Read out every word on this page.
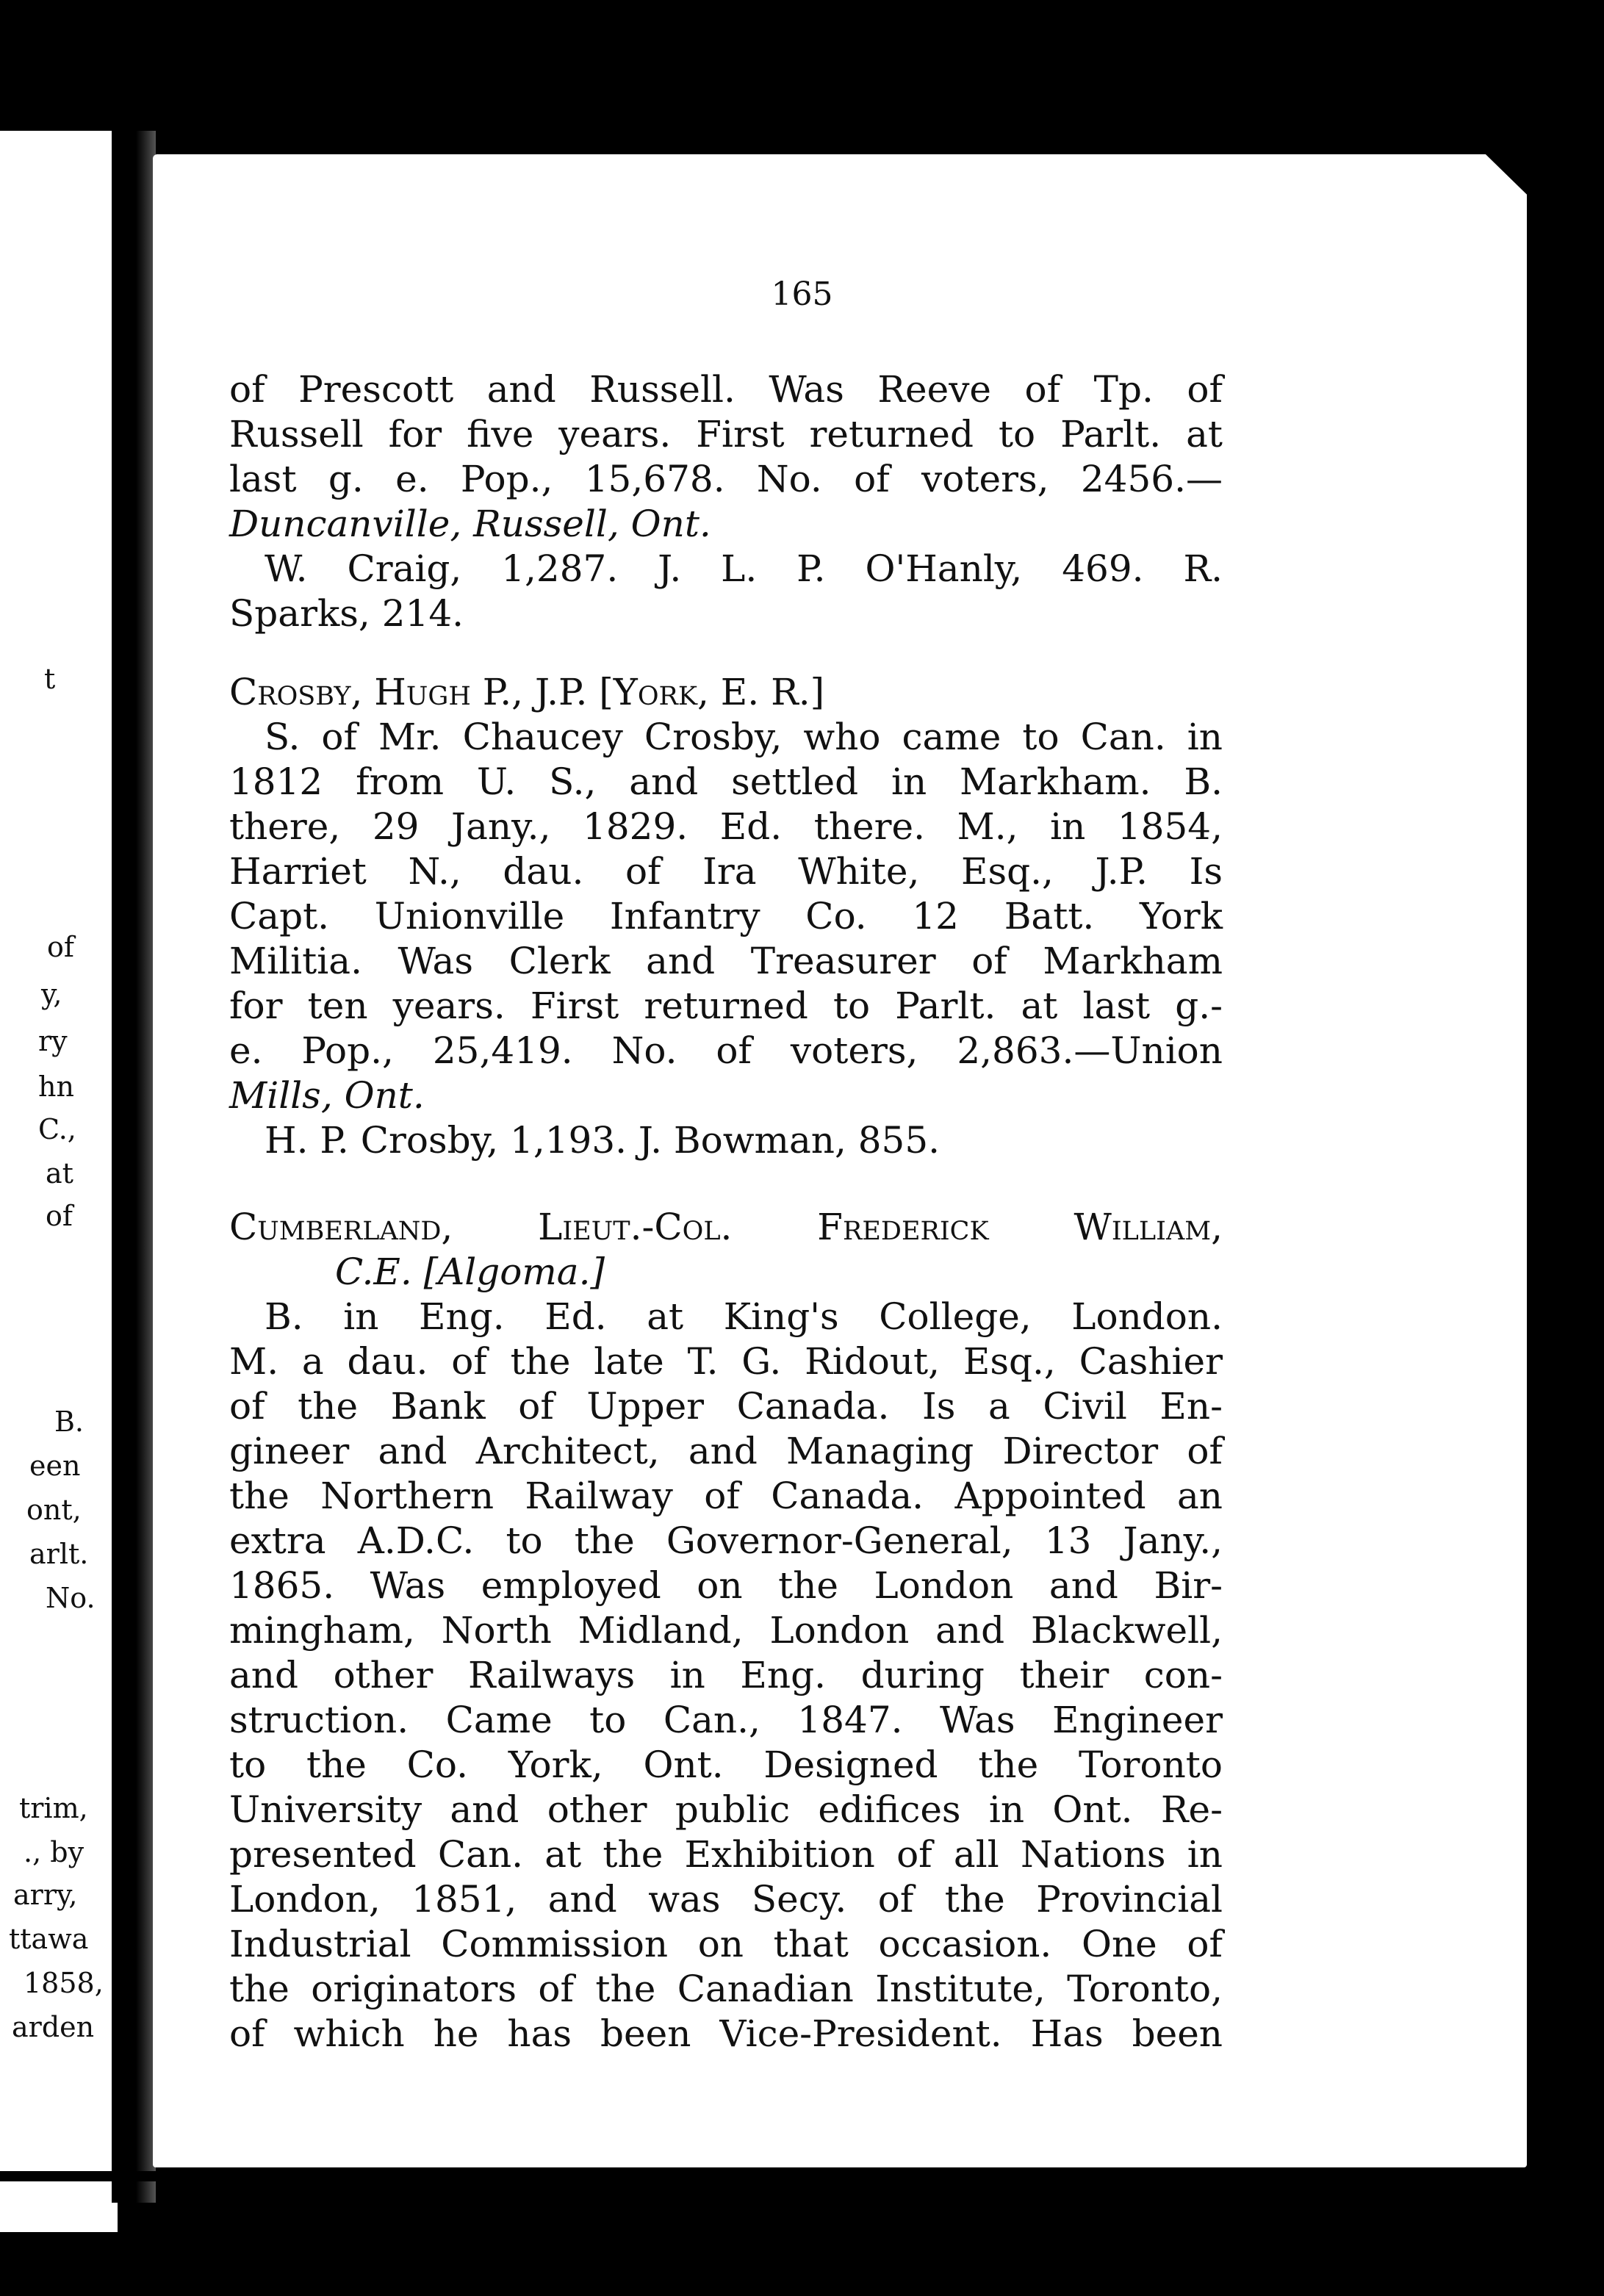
t
of
y,
ry
hn
C.,
at
of
B.
een
ont,
arlt.
No.
trim,
., by
arry,
ttawa
1858,
arden
165
of Prescott and Russell. Was Reeve of Tp. of
Russell for five years. First returned to Parlt. at
last g. e. Pop., 15,678. No. of voters, 2456.—
Duncanville, Russell, Ont.
W. Craig, 1,287. J. L. P. O'Hanly, 469. R.
Sparks, 214.
Crosby, Hugh P., J.P. [York, E. R.]
S. of Mr. Chaucey Crosby, who came to Can. in
1812 from U. S., and settled in Markham. B.
there, 29 Jany., 1829. Ed. there. M., in 1854,
Harriet N., dau. of Ira White, Esq., J.P. Is
Capt. Unionville Infantry Co. 12 Batt. York
Militia. Was Clerk and Treasurer of Markham
for ten years. First returned to Parlt. at last g.-
e. Pop., 25,419. No. of voters, 2,863.—Union
Mills, Ont.
H. P. Crosby, 1,193. J. Bowman, 855.
Cumberland, Lieut.-Col. Frederick William,
C.E. [Algoma.]
B. in Eng. Ed. at King's College, London.
M. a dau. of the late T. G. Ridout, Esq., Cashier
of the Bank of Upper Canada. Is a Civil En-
gineer and Architect, and Managing Director of
the Northern Railway of Canada. Appointed an
extra A.D.C. to the Governor-General, 13 Jany.,
1865. Was employed on the London and Bir-
mingham, North Midland, London and Blackwell,
and other Railways in Eng. during their con-
struction. Came to Can., 1847. Was Engineer
to the Co. York, Ont. Designed the Toronto
University and other public edifices in Ont. Re-
presented Can. at the Exhibition of all Nations in
London, 1851, and was Secy. of the Provincial
Industrial Commission on that occasion. One of
the originators of the Canadian Institute, Toronto,
of which he has been Vice-President. Has been
